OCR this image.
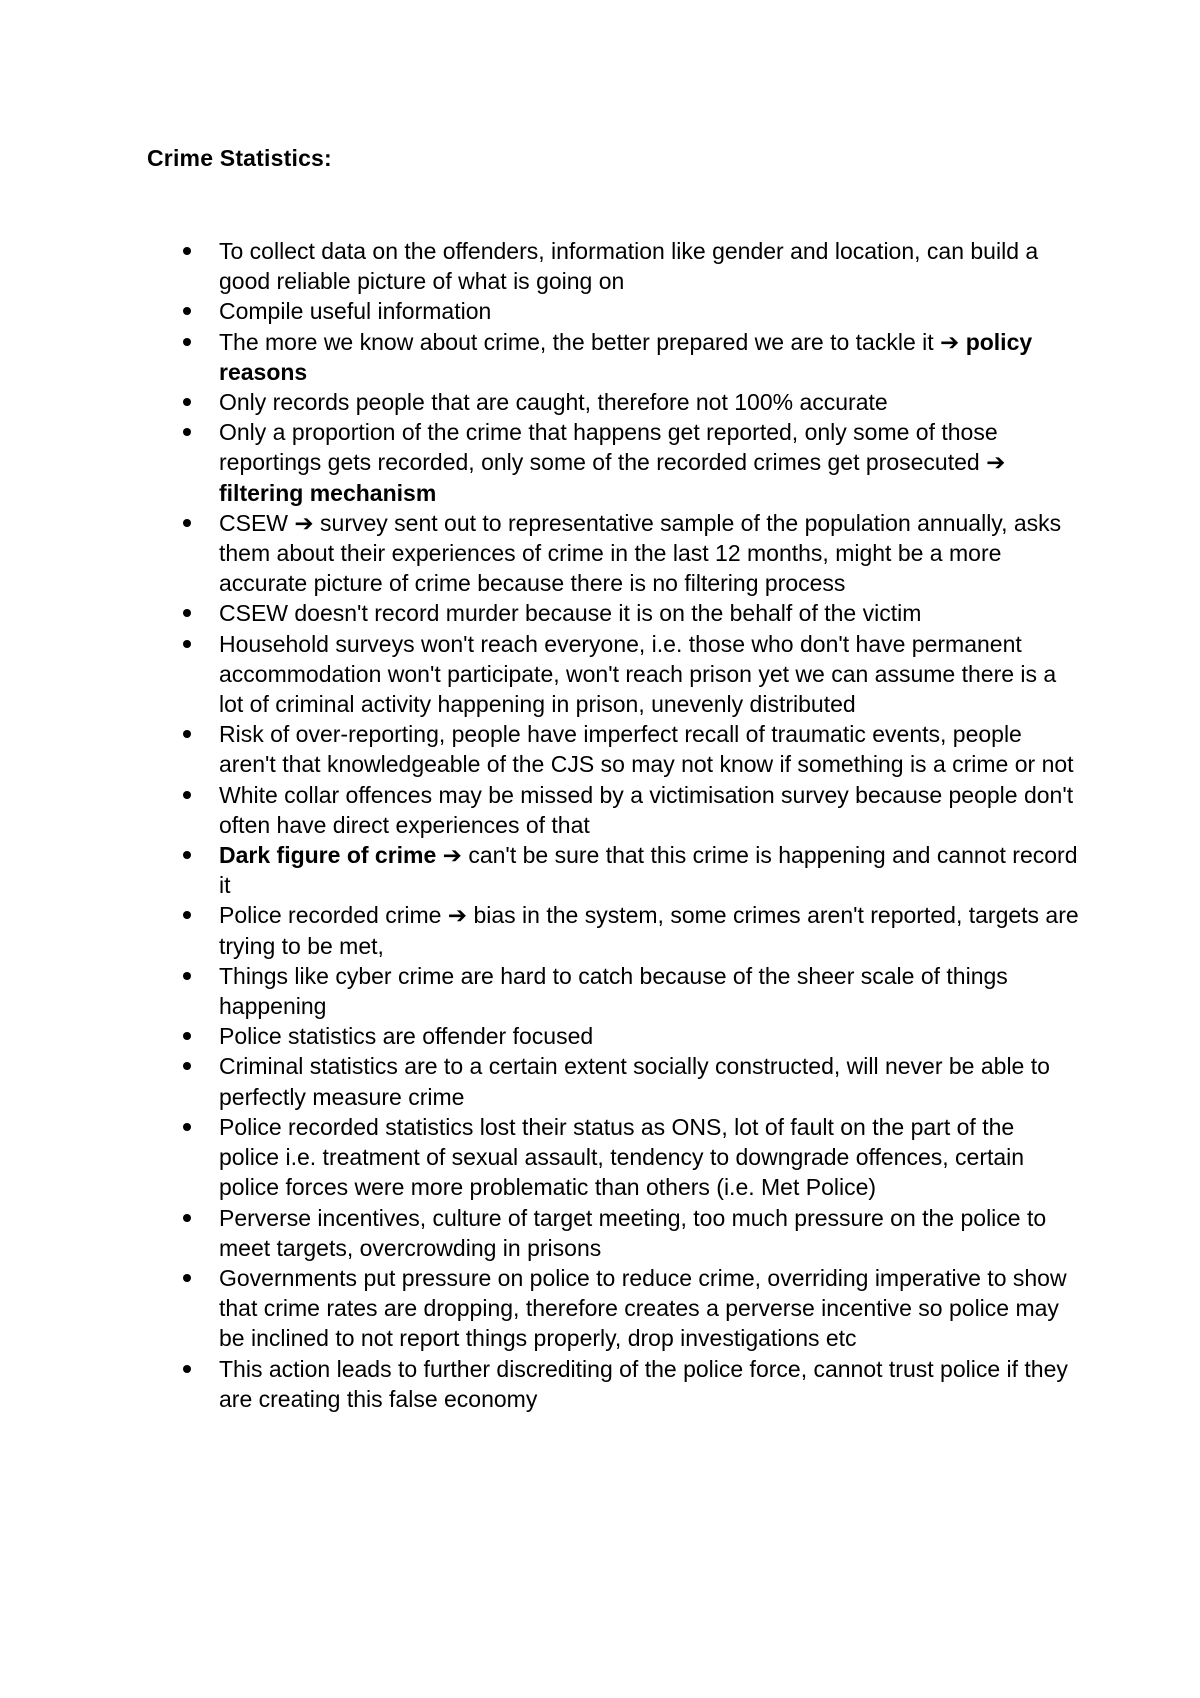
Crime Statistics:
To collect data on the offenders, information like gender and location, can build a good reliable picture of what is going on
Compile useful information
The more we know about crime, the better prepared we are to tackle it ➔ policy reasons
Only records people that are caught, therefore not 100% accurate
Only a proportion of the crime that happens get reported, only some of those reportings gets recorded, only some of the recorded crimes get prosecuted ➔ filtering mechanism
CSEW ➔ survey sent out to representative sample of the population annually, asks them about their experiences of crime in the last 12 months, might be a more accurate picture of crime because there is no filtering process
CSEW doesn't record murder because it is on the behalf of the victim
Household surveys won't reach everyone, i.e. those who don't have permanent accommodation won't participate, won't reach prison yet we can assume there is a lot of criminal activity happening in prison, unevenly distributed
Risk of over-reporting, people have imperfect recall of traumatic events, people aren't that knowledgeable of the CJS so may not know if something is a crime or not
White collar offences may be missed by a victimisation survey because people don't often have direct experiences of that
Dark figure of crime ➔ can't be sure that this crime is happening and cannot record it
Police recorded crime ➔ bias in the system, some crimes aren't reported, targets are trying to be met,
Things like cyber crime are hard to catch because of the sheer scale of things happening
Police statistics are offender focused
Criminal statistics are to a certain extent socially constructed, will never be able to perfectly measure crime
Police recorded statistics lost their status as ONS, lot of fault on the part of the police i.e. treatment of sexual assault, tendency to downgrade offences, certain police forces were more problematic than others (i.e. Met Police)
Perverse incentives, culture of target meeting, too much pressure on the police to meet targets, overcrowding in prisons
Governments put pressure on police to reduce crime, overriding imperative to show that crime rates are dropping, therefore creates a perverse incentive so police may be inclined to not report things properly, drop investigations etc
This action leads to further discrediting of the police force, cannot trust police if they are creating this false economy
